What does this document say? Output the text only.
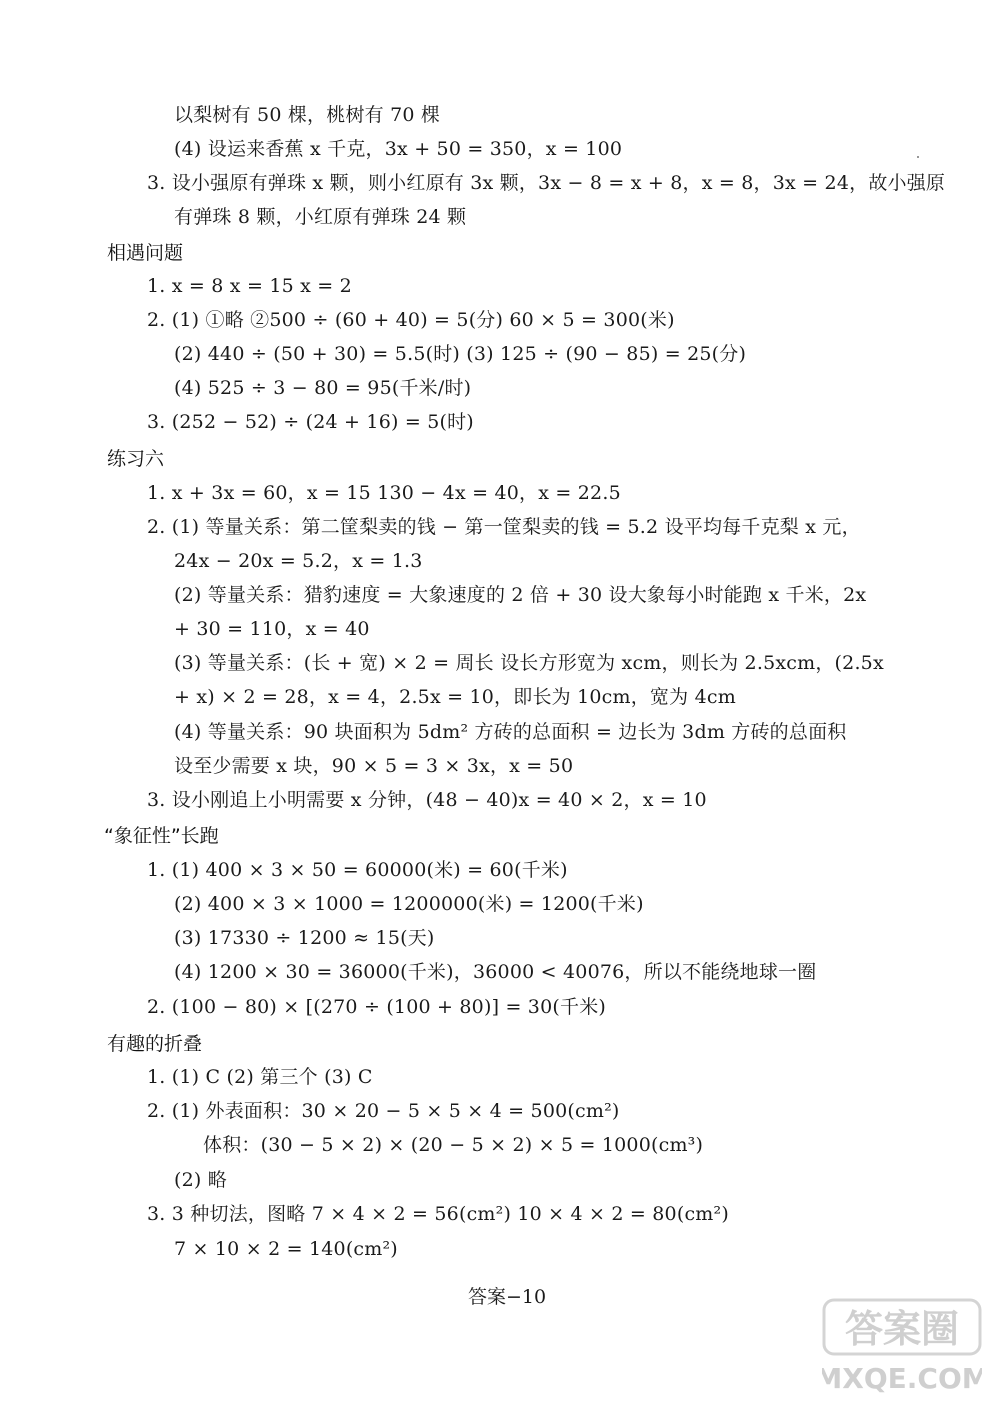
以梨树有 50 棵，桃树有 70 棵
(4) 设运来香蕉 x 千克，3x + 50 = 350，x = 100
3. 设小强原有弹珠 x 颗，则小红原有 3x 颗，3x − 8 = x + 8，x = 8，3x = 24，故小强原
有弹珠 8 颗，小红原有弹珠 24 颗
相遇问题
1. x = 8 x = 15 x = 2
2. (1) ①略 ②500 ÷ (60 + 40) = 5(分) 60 × 5 = 300(米)
(2) 440 ÷ (50 + 30) = 5.5(时) (3) 125 ÷ (90 − 85) = 25(分)
(4) 525 ÷ 3 − 80 = 95(千米/时)
3. (252 − 52) ÷ (24 + 16) = 5(时)
练习六
1. x + 3x = 60，x = 15 130 − 4x = 40，x = 22.5
2. (1) 等量关系：第二筐梨卖的钱 − 第一筐梨卖的钱 = 5.2 设平均每千克梨 x 元，
24x − 20x = 5.2，x = 1.3
(2) 等量关系：猎豹速度 = 大象速度的 2 倍 + 30 设大象每小时能跑 x 千米，2x
+ 30 = 110，x = 40
(3) 等量关系：(长 + 宽) × 2 = 周长 设长方形宽为 xcm，则长为 2.5xcm，(2.5x
+ x) × 2 = 28，x = 4，2.5x = 10，即长为 10cm，宽为 4cm
(4) 等量关系：90 块面积为 5dm² 方砖的总面积 = 边长为 3dm 方砖的总面积
设至少需要 x 块，90 × 5 = 3 × 3x，x = 50
3. 设小刚追上小明需要 x 分钟，(48 − 40)x = 40 × 2，x = 10
“象征性”长跑
1. (1) 400 × 3 × 50 = 60000(米) = 60(千米)
(2) 400 × 3 × 1000 = 1200000(米) = 1200(千米)
(3) 17330 ÷ 1200 ≈ 15(天)
(4) 1200 × 30 = 36000(千米)，36000 < 40076，所以不能绕地球一圈
2. (100 − 80) × [(270 ÷ (100 + 80)] = 30(千米)
有趣的折叠
1. (1) C (2) 第三个 (3) C
2. (1) 外表面积：30 × 20 − 5 × 5 × 4 = 500(cm²)
体积：(30 − 5 × 2) × (20 − 5 × 2) × 5 = 1000(cm³)
(2) 略
3. 3 种切法，图略 7 × 4 × 2 = 56(cm²) 10 × 4 × 2 = 80(cm²)
7 × 10 × 2 = 140(cm²)
答案−10
答案圈
MXQE.COM
